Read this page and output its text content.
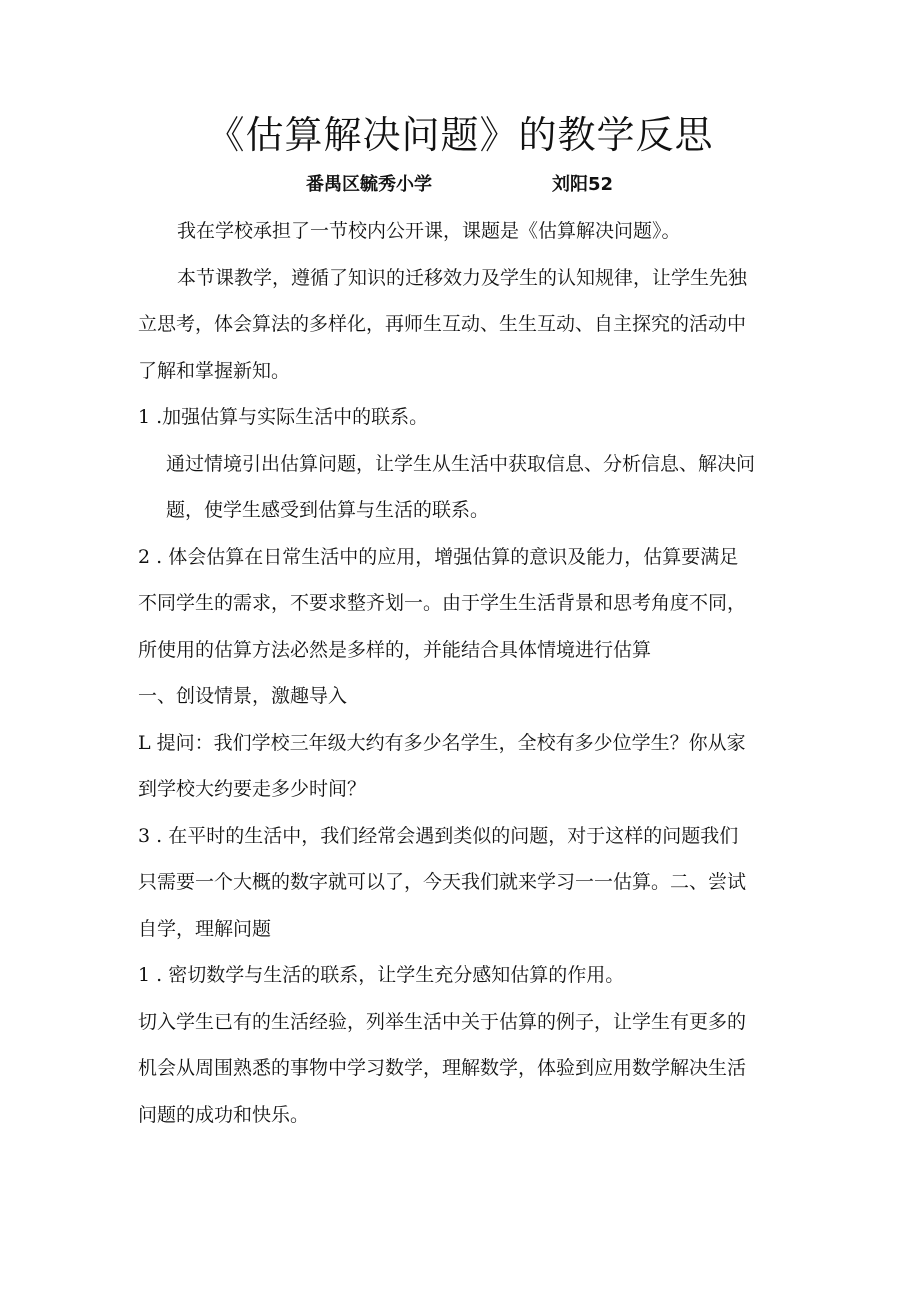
《估算解决问题》的教学反思
番禺区毓秀小学	刘阳52

我在学校承担了一节校内公开课，课题是《估算解决问题》。

本节课教学，遵循了知识的迁移效力及学生的认知规律，让学生先独

立思考，体会算法的多样化，再师生互动、生生互动、自主探究的活动中

了解和掌握新知。

1 .加强估算与实际生活中的联系。

通过情境引出估算问题，让学生从生活中获取信息、分析信息、解决问

题，使学生感受到估算与生活的联系。

2 . 体会估算在日常生活中的应用，增强估算的意识及能力，估算要满足

不同学生的需求，不要求整齐划一。由于学生生活背景和思考角度不同，

所使用的估算方法必然是多样的，并能结合具体情境进行估算

一、创设情景，激趣导入

L 提问：我们学校三年级大约有多少名学生，全校有多少位学生？你从家

到学校大约要走多少时间？

3 . 在平时的生活中，我们经常会遇到类似的问题，对于这样的问题我们

只需要一个大概的数字就可以了，今天我们就来学习一一估算。二、尝试

自学，理解问题

1 . 密切数学与生活的联系，让学生充分感知估算的作用。

切入学生已有的生活经验，列举生活中关于估算的例子，让学生有更多的

机会从周围熟悉的事物中学习数学，理解数学，体验到应用数学解决生活

问题的成功和快乐。
